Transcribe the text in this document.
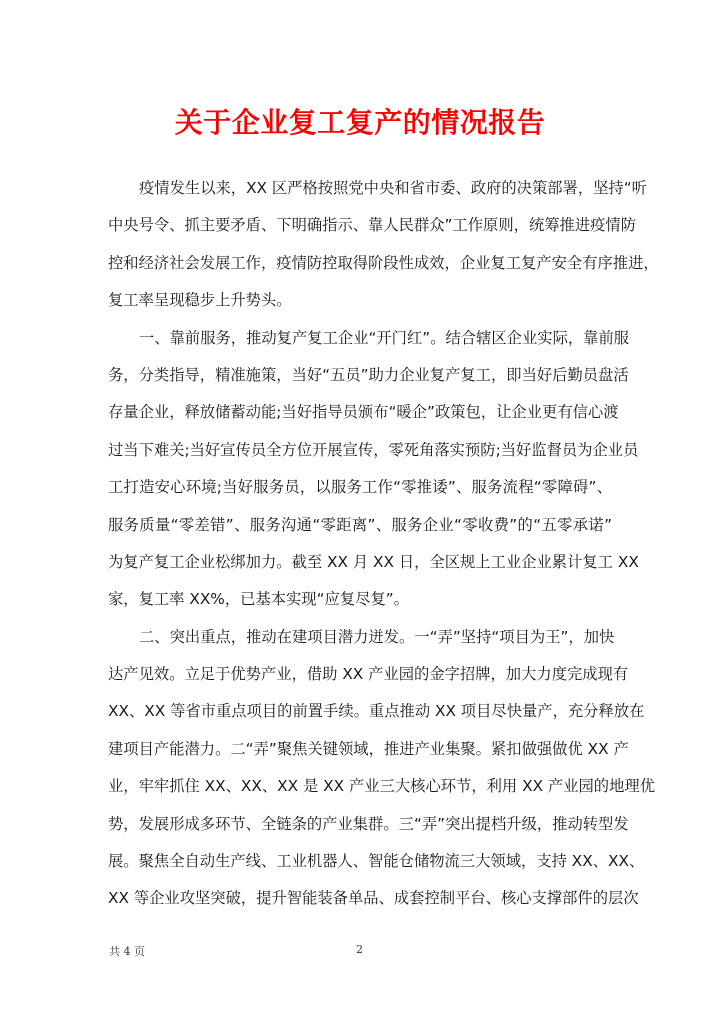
关于企业复工复产的情况报告
疫情发生以来，XX 区严格按照党中央和省市委、政府的决策部署，坚持“听
中央号令、抓主要矛盾、下明确指示、靠人民群众”工作原则，统筹推进疫情防
控和经济社会发展工作，疫情防控取得阶段性成效，企业复工复产安全有序推进，
复工率呈现稳步上升势头。
一、靠前服务，推动复产复工企业“开门红”。结合辖区企业实际，靠前服
务，分类指导，精准施策，当好“五员”助力企业复产复工，即当好后勤员盘活
存量企业，释放储蓄动能;当好指导员颁布“暖企”政策包，让企业更有信心渡
过当下难关;当好宣传员全方位开展宣传，零死角落实预防;当好监督员为企业员
工打造安心环境;当好服务员，以服务工作“零推诿”、服务流程“零障碍”、
服务质量“零差错”、服务沟通“零距离”、服务企业“零收费”的“五零承诺”
为复产复工企业松绑加力。截至 XX 月 XX 日，全区规上工业企业累计复工 XX
家，复工率 XX%，已基本实现“应复尽复”。
二、突出重点，推动在建项目潜力迸发。一“弄”坚持“项目为王”，加快
达产见效。立足于优势产业，借助 XX 产业园的金字招牌，加大力度完成现有
XX、XX 等省市重点项目的前置手续。重点推动 XX 项目尽快量产，充分释放在
建项目产能潜力。二“弄”聚焦关键领域，推进产业集聚。紧扣做强做优 XX 产
业，牢牢抓住 XX、XX、XX 是 XX 产业三大核心环节，利用 XX 产业园的地理优
势，发展形成多环节、全链条的产业集群。三“弄”突出提档升级，推动转型发
展。聚焦全自动生产线、工业机器人、智能仓储物流三大领域，支持 XX、XX、
XX 等企业攻坚突破，提升智能装备单品、成套控制平台、核心支撑部件的层次
共 4 页	2
